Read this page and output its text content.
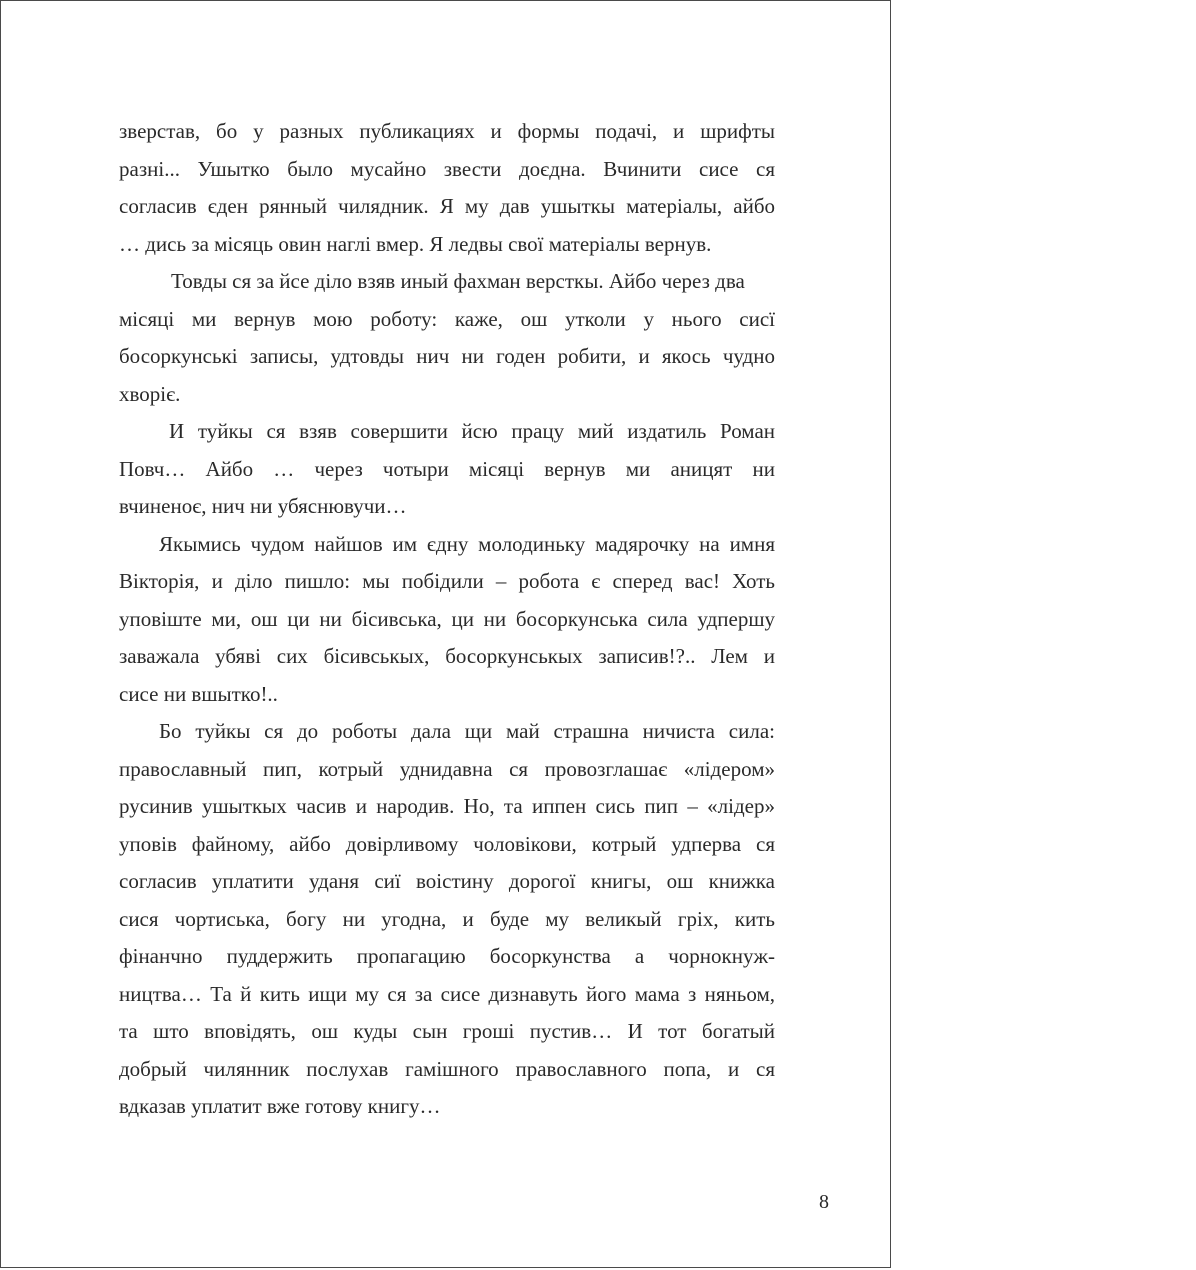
зверстав, бо у разных публикациях и формы подачі, и шрифты
разні... Ушытко было мусайно звести доєдна. Вчинити сисе ся
согласив єден рянный чилядник. Я му дав ушыткы матеріалы, айбо
… дись за місяць овин наглі вмер. Я ледвы свої матеріалы вернув.

Товды ся за йсе діло взяв иный фахман версткы. Айбо через два
місяці ми вернув мою роботу: каже, ош утколи у нього сисї
босоркунські записы, удтовды нич ни годен робити, и якось чудно
хворіє.

И туйкы ся взяв совершити йсю працу мий издатиль Роман
Повч… Айбо … через чотыри місяці вернув ми аницят ни
вчиненоє, нич ни убяснювучи…

Якымись чудом найшов им єдну молодиньку мадярочку на имня
Вікторія, и діло пишло: мы побідили – робота є сперед вас! Хоть
уповіште ми, ош ци ни бісивська, ци ни босоркунська сила удпершу
заважала убяві сих бісивськых, босоркунськых записив!?.. Лем и
сисе ни вшытко!..

Бо туйкы ся до роботы дала щи май страшна ничиста сила:
православный пип, котрый уднидавна ся провозглашає «лідером»
русинив ушыткых часив и народив. Но, та иппен сись пип – «лідер»
уповів файному, айбо довірливому чоловікови, котрый удперва ся
согласив уплатити уданя сиї воістину дорогої книгы, ош книжка
сися чортиська, богу ни угодна, и буде му великый гріх, кить
фінанчно пуддержить пропагацию босоркунства а чорнокнyж-
ництва… Та й кить ищи му ся за сисе дизнавуть його мама з няньом,
та што вповідять, ош куды сын гроші пустив… И тот богатый
добрый чилянник послухав гамішного православного попа, и ся
вдказав уплатит вже готову книгу…

8
